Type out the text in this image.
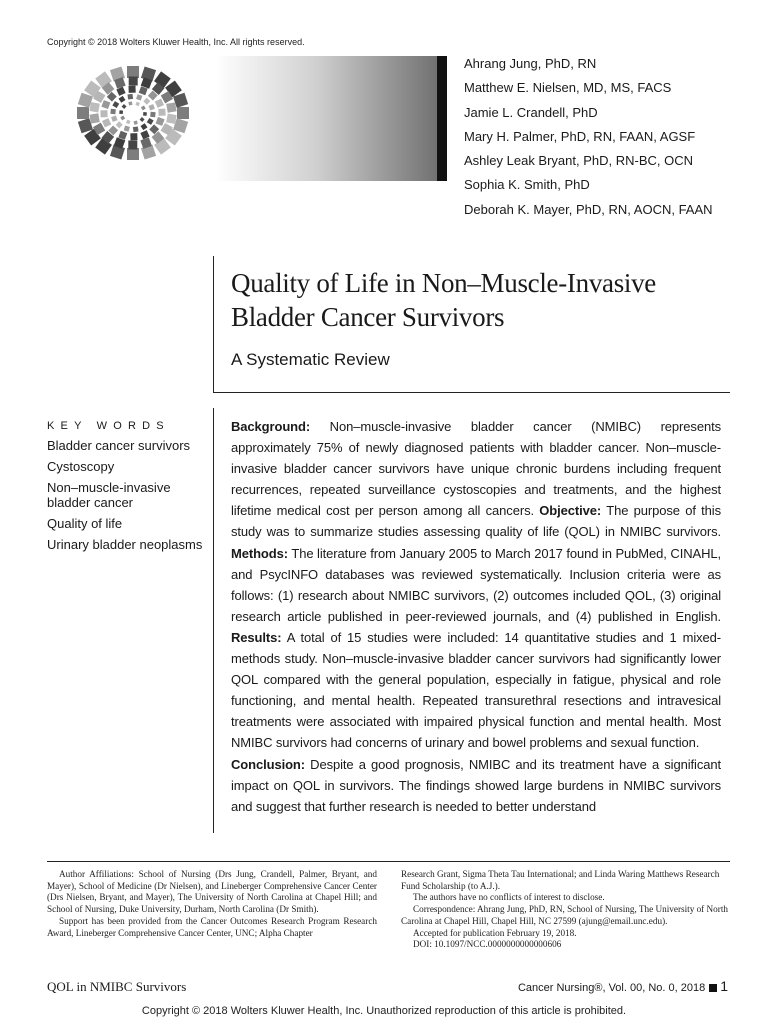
Copyright © 2018 Wolters Kluwer Health, Inc. All rights reserved.
Ahrang Jung, PhD, RN
Matthew E. Nielsen, MD, MS, FACS
Jamie L. Crandell, PhD
Mary H. Palmer, PhD, RN, FAAN, AGSF
Ashley Leak Bryant, PhD, RN-BC, OCN
Sophia K. Smith, PhD
Deborah K. Mayer, PhD, RN, AOCN, FAAN
Quality of Life in Non–Muscle-Invasive
Bladder Cancer Survivors
A Systematic Review
KEY WORDS
Bladder cancer survivors
Cystoscopy
Non–muscle-invasive bladder cancer
Quality of life
Urinary bladder neoplasms

Background: Non–muscle-invasive bladder cancer (NMIBC) represents approximately 75% of newly diagnosed patients with bladder cancer. Non–muscle-invasive bladder cancer survivors have unique chronic burdens including frequent recurrences, repeated surveillance cystoscopies and treatments, and the highest lifetime medical cost per person among all cancers. Objective: The purpose of this study was to summarize studies assessing quality of life (QOL) in NMIBC survivors. Methods: The literature from January 2005 to March 2017 found in PubMed, CINAHL, and PsycINFO databases was reviewed systematically. Inclusion criteria were as follows: (1) research about NMIBC survivors, (2) outcomes included QOL, (3) original research article published in peer-reviewed journals, and (4) published in English. Results: A total of 15 studies were included: 14 quantitative studies and 1 mixed-methods study. Non–muscle-invasive bladder cancer survivors had significantly lower QOL compared with the general population, especially in fatigue, physical and role functioning, and mental health. Repeated transurethral resections and intravesical treatments were associated with impaired physical function and mental health. Most NMIBC survivors had concerns of urinary and bowel problems and sexual function.
Conclusion: Despite a good prognosis, NMIBC and its treatment have a significant impact on QOL in survivors. The findings showed large burdens in NMIBC survivors and suggest that further research is needed to better understand

Author Affiliations: School of Nursing (Drs Jung, Crandell, Palmer, Bryant, and Mayer), School of Medicine (Dr Nielsen), and Lineberger Comprehensive Cancer Center (Drs Nielsen, Bryant, and Mayer), The University of North Carolina at Chapel Hill; and School of Nursing, Duke University, Durham, North Carolina (Dr Smith).

Support has been provided from the Cancer Outcomes Research Program Research Award, Lineberger Comprehensive Cancer Center, UNC; Alpha Chapter

Research Grant, Sigma Theta Tau International; and Linda Waring Matthews Research Fund Scholarship (to A.J.).

The authors have no conflicts of interest to disclose.

Correspondence: Ahrang Jung, PhD, RN, School of Nursing, The University of North Carolina at Chapel Hill, Chapel Hill, NC 27599 (ajung@email.unc.edu).

Accepted for publication February 19, 2018.

DOI: 10.1097/NCC.0000000000000606

QOL in NMIBC Survivors	Cancer Nursing®, Vol. 00, No. 0, 2018 1
Copyright © 2018 Wolters Kluwer Health, Inc. Unauthorized reproduction of this article is prohibited.
